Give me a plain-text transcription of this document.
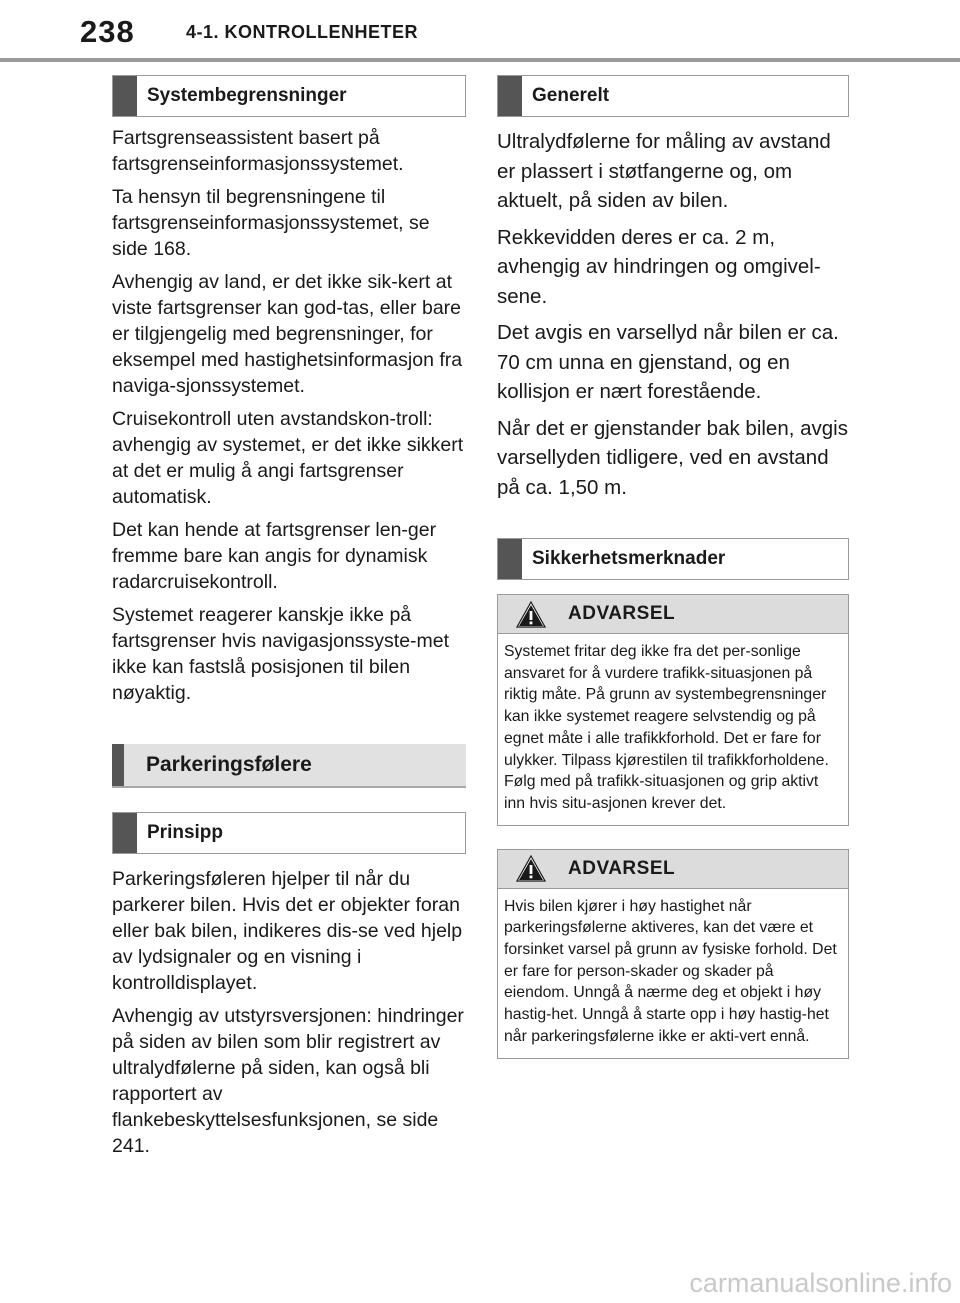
238	4-1. KONTROLLENHETER
Systembegrensninger

Fartsgrenseassistent basert på fartsgrenseinformasjonssystemet.

Ta hensyn til begrensningene til fartsgrenseinformasjonssystemet, se side 168.

Avhengig av land, er det ikke sik-kert at viste fartsgrenser kan god-tas, eller bare er tilgjengelig med begrensninger, for eksempel med hastighetsinformasjon fra naviga-sjonssystemet.

Cruisekontroll uten avstandskon-troll: avhengig av systemet, er det ikke sikkert at det er mulig å angi fartsgrenser automatisk.

Det kan hende at fartsgrenser len-ger fremme bare kan angis for dynamisk radarcruisekontroll.

Systemet reagerer kanskje ikke på fartsgrenser hvis navigasjonssyste-met ikke kan fastslå posisjonen til bilen nøyaktig.

Parkeringsfølere
Prinsipp

Parkeringsføleren hjelper til når du parkerer bilen. Hvis det er objekter foran eller bak bilen, indikeres dis-se ved hjelp av lydsignaler og en visning i kontrolldisplayet.

Avhengig av utstyrsversjonen: hindringer på siden av bilen som blir registrert av ultralydfølerne på siden, kan også bli rapportert av flankebeskyttelsesfunksjonen, se side 241.

Generelt

Ultralydfølerne for måling av avstand er plassert i støtfangerne og, om aktuelt, på siden av bilen.

Rekkevidden deres er ca. 2 m, avhengig av hindringen og omgivel-sene.

Det avgis en varsellyd når bilen er ca. 70 cm unna en gjenstand, og en kollisjon er nært forestående.

Når det er gjenstander bak bilen, avgis varsellyden tidligere, ved en avstand på ca. 1,50 m.

Sikkerhetsmerknader
ADVARSEL

Systemet fritar deg ikke fra det per-sonlige ansvaret for å vurdere trafikk-situasjonen på riktig måte. På grunn av systembegrensninger kan ikke systemet reagere selvstendig og på egnet måte i alle trafikkforhold. Det er fare for ulykker. Tilpass kjørestilen til trafikkforholdene. Følg med på trafikk-situasjonen og grip aktivt inn hvis situ-asjonen krever det.

ADVARSEL

Hvis bilen kjører i høy hastighet når parkeringsfølerne aktiveres, kan det være et forsinket varsel på grunn av fysiske forhold. Det er fare for person-skader og skader på eiendom. Unngå å nærme deg et objekt i høy hastig-het. Unngå å starte opp i høy hastig-het når parkeringsfølerne ikke er akti-vert ennå.

carmanualsonline.info
